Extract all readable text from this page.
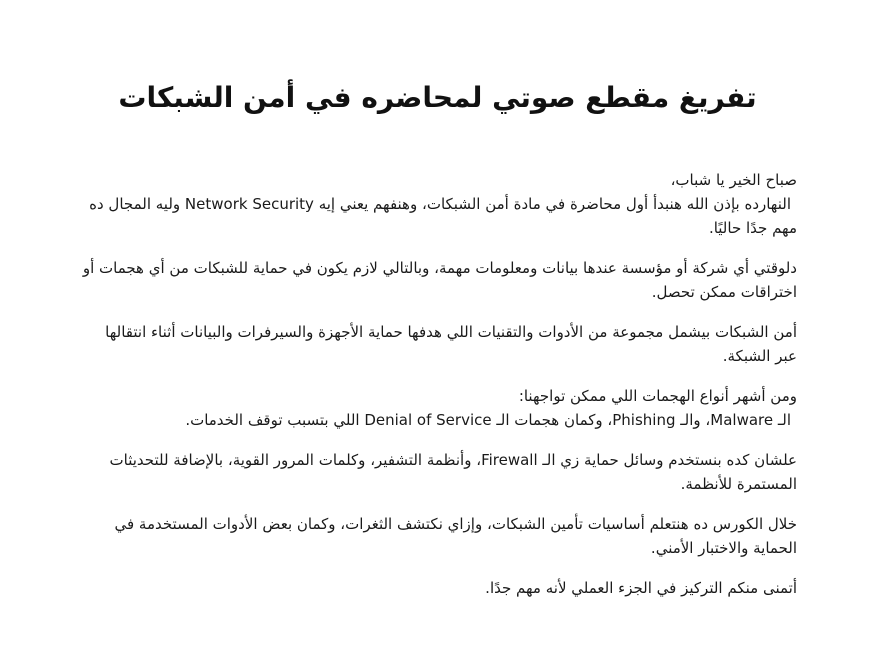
تفريغ مقطع صوتي لمحاضره في أمن الشبكات

صباح الخير يا شباب،
النهارده بإذن الله هنبدأ أول محاضرة في مادة أمن الشبكات، وهنفهم يعني إيه Network Security وليه المجال ده
مهم جدًا حاليًا.

دلوقتي أي شركة أو مؤسسة عندها بيانات ومعلومات مهمة، وبالتالي لازم يكون في حماية للشبكات من أي هجمات أو
اختراقات ممكن تحصل.

أمن الشبكات بيشمل مجموعة من الأدوات والتقنيات اللي هدفها حماية الأجهزة والسيرفرات والبيانات أثناء انتقالها
عبر الشبكة.

ومن أشهر أنواع الهجمات اللي ممكن تواجهنا:
الـ Malware، والـ Phishing، وكمان هجمات الـ Denial of Service اللي بتسبب توقف الخدمات.

علشان كده بنستخدم وسائل حماية زي الـ Firewall، وأنظمة التشفير، وكلمات المرور القوية، بالإضافة للتحديثات
المستمرة للأنظمة.

خلال الكورس ده هنتعلم أساسيات تأمين الشبكات، وإزاي نكتشف الثغرات، وكمان بعض الأدوات المستخدمة في
الحماية والاختبار الأمني.

أتمنى منكم التركيز في الجزء العملي لأنه مهم جدًا.
